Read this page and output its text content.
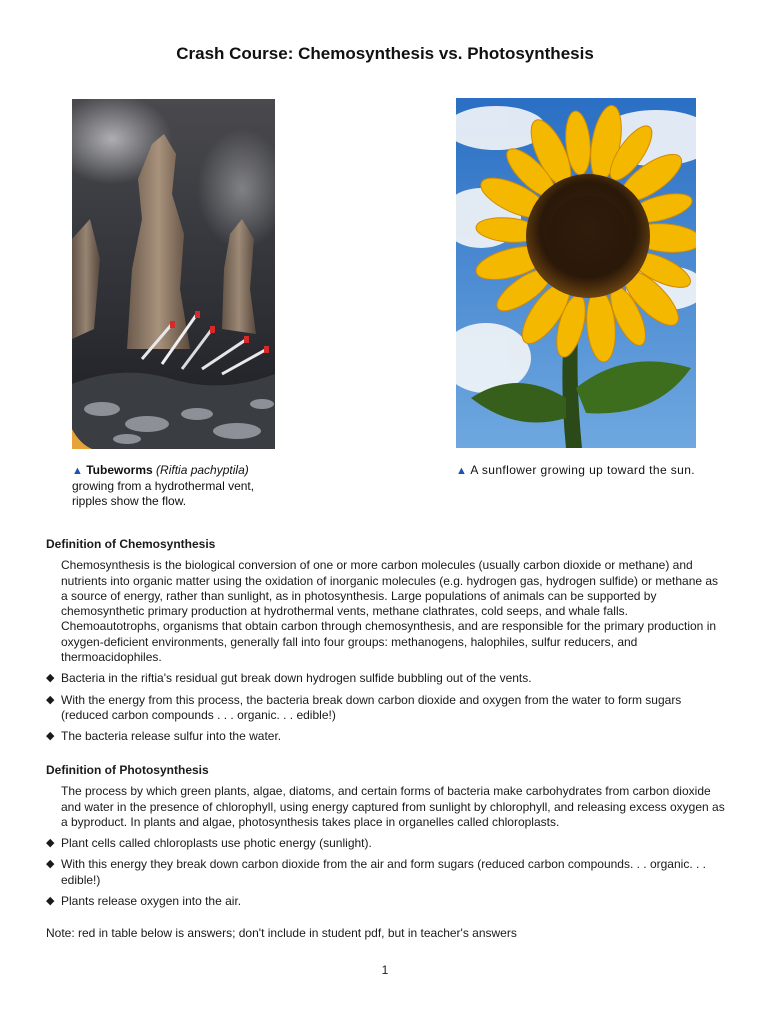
Crash Course: Chemosynthesis vs. Photosynthesis
▲ Tubeworms (Riftia pachyptila) growing from a hydrothermal vent, ripples show the flow.
▲ A sunflower growing up toward the sun.
Definition of Chemosynthesis
Chemosynthesis is the biological conversion of one or more carbon molecules (usually carbon dioxide or methane) and nutrients into organic matter using the oxidation of inorganic molecules (e.g. hydrogen gas, hydrogen sulfide) or methane as a source of energy, rather than sunlight, as in photosynthesis. Large populations of animals can be supported by chemosynthetic primary production at hydrothermal vents, methane clathrates, cold seeps, and whale falls. Chemoautotrophs, organisms that obtain carbon through chemosynthesis, and are responsible for the primary production in oxygen-deficient environments, generally fall into four groups: methanogens, halophiles, sulfur reducers, and thermoacidophiles.
◆ Bacteria in the riftia's residual gut break down hydrogen sulfide bubbling out of the vents.
◆ With the energy from this process, the bacteria break down carbon dioxide and oxygen from the water to form sugars (reduced carbon compounds . . . organic. . . edible!)
◆ The bacteria release sulfur into the water.
Definition of Photosynthesis
The process by which green plants, algae, diatoms, and certain forms of bacteria make carbohydrates from carbon dioxide and water in the presence of chlorophyll, using energy captured from sunlight by chlorophyll, and releasing excess oxygen as a byproduct. In plants and algae, photosynthesis takes place in organelles called chloroplasts.
◆ Plant cells called chloroplasts use photic energy (sunlight).
◆ With this energy they break down carbon dioxide from the air and form sugars (reduced carbon compounds. . . organic. . . edible!)
◆ Plants release oxygen into the air.
Note: red in table below is answers; don't include in student pdf, but in teacher's answers
1
